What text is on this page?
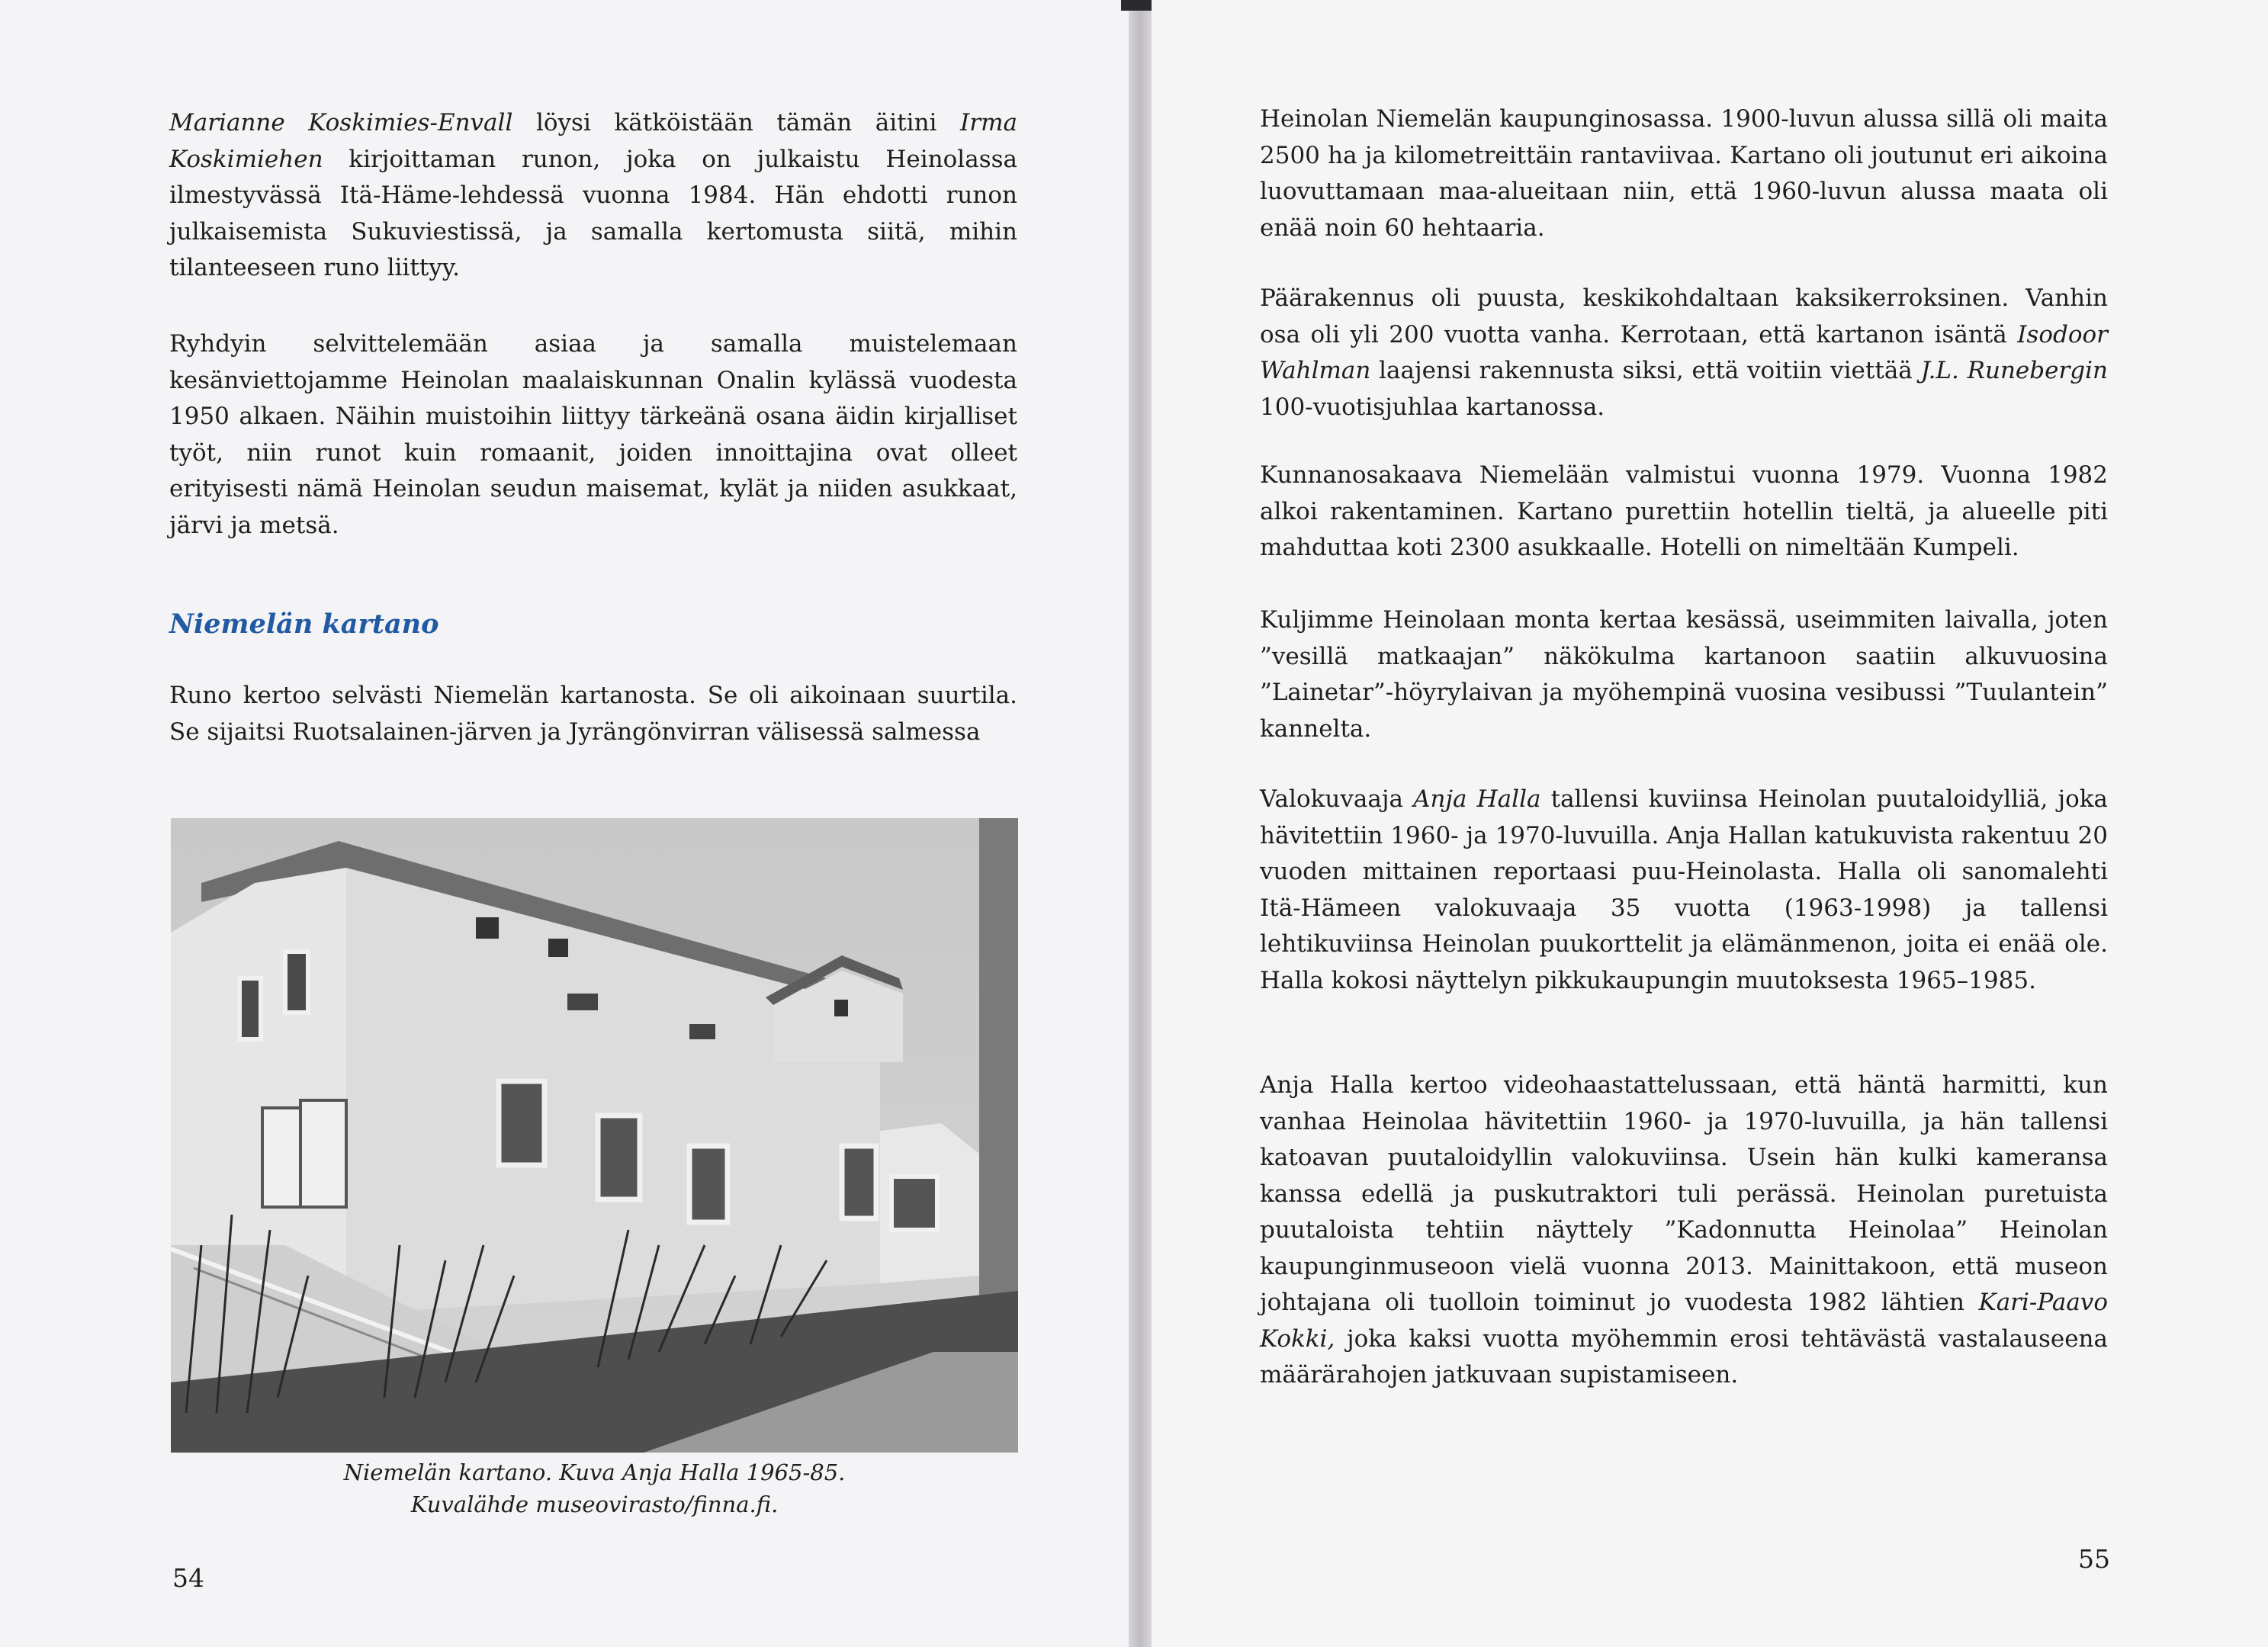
Marianne Koskimies-Envall löysi kätköistään tämän äitini Irma Koskimiehen kirjoittaman runon, joka on julkaistu Heinolassa ilmestyvässä Itä-Häme-lehdessä vuonna 1984. Hän ehdotti runon julkaisemista Sukuviestissä, ja samalla kertomusta siitä, mihin tilanteeseen runo liittyy.

Ryhdyin selvittelemään asiaa ja samalla muistelemaan kesänviettojamme Heinolan maalaiskunnan Onalin kylässä vuodesta 1950 alkaen. Näihin muistoihin liittyy tärkeänä osana äidin kirjalliset työt, niin runot kuin romaanit, joiden innoittajina ovat olleet erityisesti nämä Heinolan seudun maisemat, kylät ja niiden asukkaat, järvi ja metsä.

Niemelän kartano

Runo kertoo selvästi Niemelän kartanosta. Se oli aikoinaan suurtila. Se sijaitsi Ruotsalainen-järven ja Jyrängönvirran välisessä salmessa

Niemelän kartano. Kuva Anja Halla 1965-85.
Kuvalähde museovirasto/finna.fi.
54

Heinolan Niemelän kaupunginosassa. 1900-luvun alussa sillä oli maita 2500 ha ja kilometreittäin rantaviivaa. Kartano oli joutunut eri aikoina luovuttamaan maa-alueitaan niin, että 1960-luvun alussa maata oli enää noin 60 hehtaaria.

Päärakennus oli puusta, keskikohdaltaan kaksikerroksinen. Vanhin osa oli yli 200 vuotta vanha. Kerrotaan, että kartanon isäntä Isodoor Wahlman laajensi rakennusta siksi, että voitiin viettää J.L. Runebergin 100-vuotisjuhlaa kartanossa.

Kunnanosakaava Niemelään valmistui vuonna 1979. Vuonna 1982 alkoi rakentaminen. Kartano purettiin hotellin tieltä, ja alueelle piti mahduttaa koti 2300 asukkaalle. Hotelli on nimeltään Kumpeli.

Kuljimme Heinolaan monta kertaa kesässä, useimmiten laivalla, joten ”vesillä matkaajan” näkökulma kartanoon saatiin alkuvuosina ”Lainetar”-höyrylaivan ja myöhempinä vuosina vesibussi ”Tuulantein” kannelta.

Valokuvaaja Anja Halla tallensi kuviinsa Heinolan puutaloidylliä, joka hävitettiin 1960- ja 1970-luvuilla. Anja Hallan katukuvista rakentuu 20 vuoden mittainen reportaasi puu-Heinolasta. Halla oli sanomalehti Itä-Hämeen valokuvaaja 35 vuotta (1963-1998) ja tallensi lehtikuviinsa Heinolan puukorttelit ja elämänmenon, joita ei enää ole. Halla kokosi näyttelyn pikkukaupungin muutoksesta 1965–1985.

Anja Halla kertoo videohaastattelussaan, että häntä harmitti, kun vanhaa Heinolaa hävitettiin 1960- ja 1970-luvuilla, ja hän tallensi katoavan puutaloidyllin valokuviinsa. Usein hän kulki kameransa kanssa edellä ja puskutraktori tuli perässä. Heinolan puretuista puutaloista tehtiin näyttely ”Kadonnutta Heinolaa” Heinolan kaupunginmuseoon vielä vuonna 2013. Mainittakoon, että museon johtajana oli tuolloin toiminut jo vuodesta 1982 lähtien Kari-Paavo Kokki, joka kaksi vuotta myöhemmin erosi tehtävästä vastalauseena määrärahojen jatkuvaan supistamiseen.

55
